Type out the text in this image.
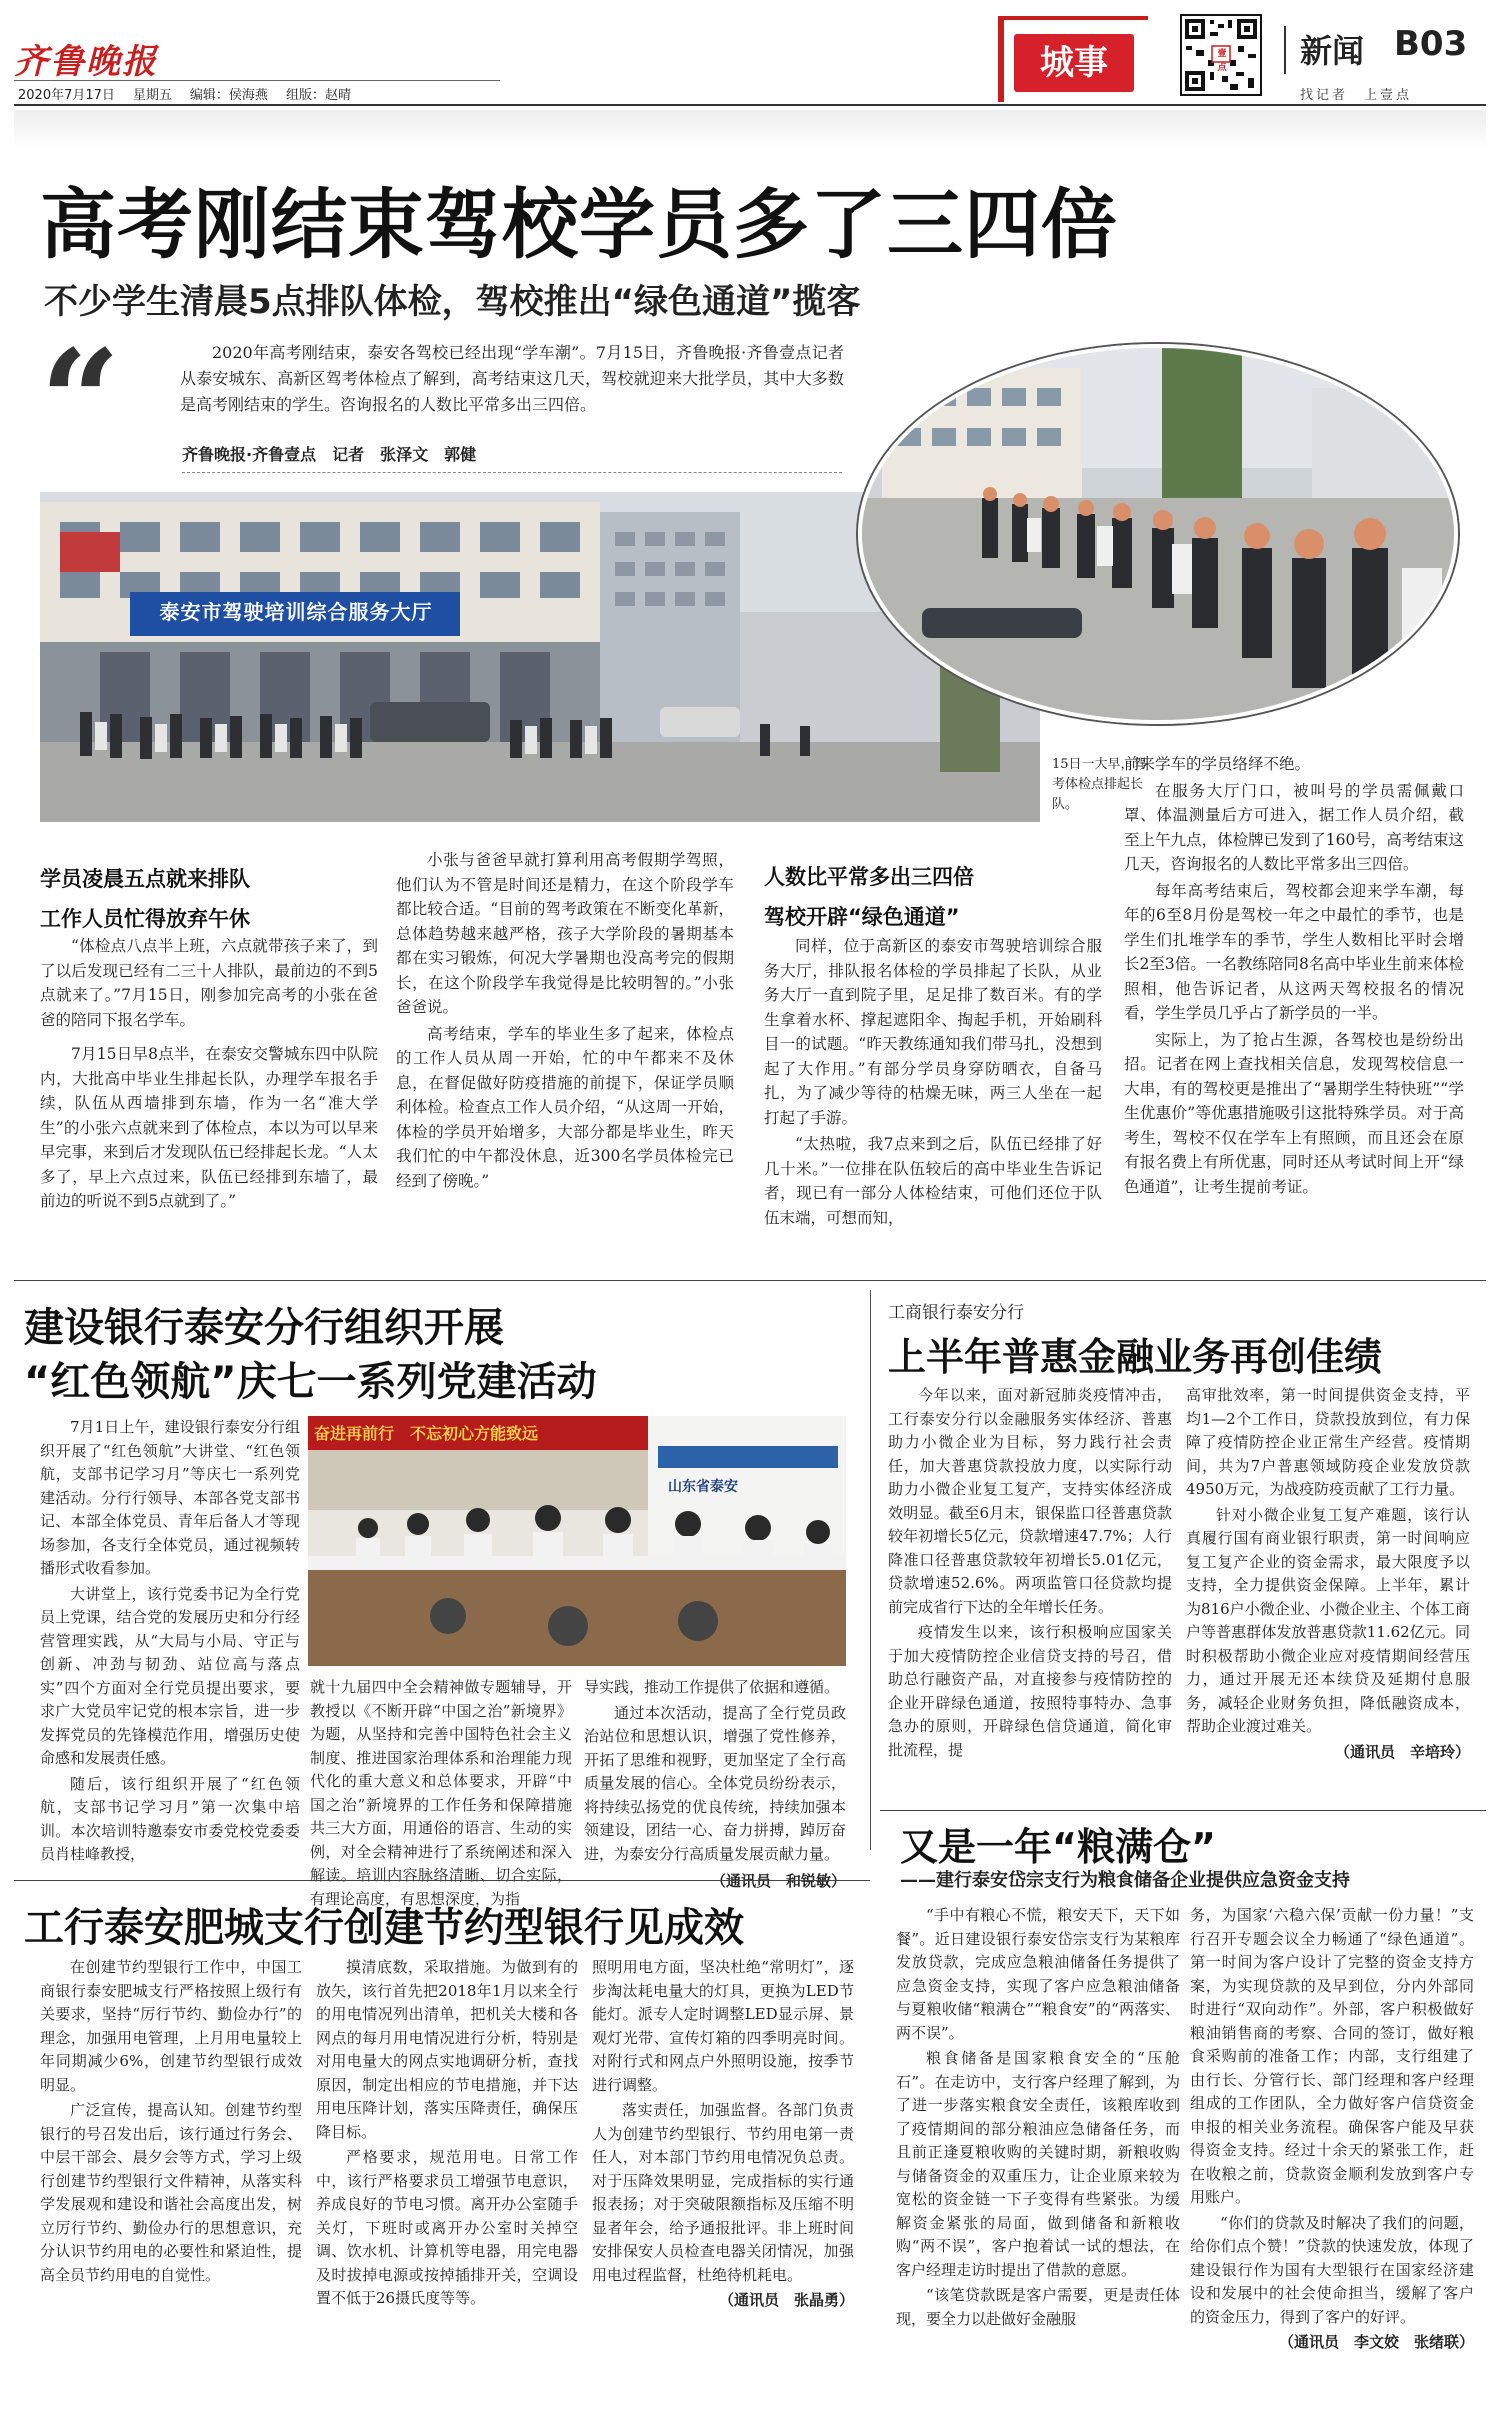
齐鲁晚报
2020年7月17日 星期五 编辑：侯海燕 组版：赵晴
城事	壹点 新闻 B03
找记者　上壹点
高考刚结束驾校学员多了三四倍
不少学生清晨5点排队体检，驾校推出“绿色通道”揽客
“	2020年高考刚结束，泰安各驾校已经出现“学车潮”。7月15日，齐鲁晚报·齐鲁壹点记者从泰安城东、高新区驾考体检点了解到，高考结束这几天，驾校就迎来大批学员，其中大多数是高考刚结束的学生。咨询报名的人数比平常多出三四倍。
齐鲁晚报·齐鲁壹点　记者　张泽文　郭健
泰安市驾驶培训综合服务大厅
15日一大早，驾考体检点排起长队。
学员凌晨五点就来排队
工作人员忙得放弃午休

“体检点八点半上班，六点就带孩子来了，到了以后发现已经有二三十人排队，最前边的不到5点就来了。”7月15日，刚参加完高考的小张在爸爸的陪同下报名学车。

7月15日早8点半，在泰安交警城东四中队院内，大批高中毕业生排起长队，办理学车报名手续，队伍从西墙排到东墙，作为一名“准大学生”的小张六点就来到了体检点，本以为可以早来早完事，来到后才发现队伍已经排起长龙。“人太多了，早上六点过来，队伍已经排到东墙了，最前边的听说不到5点就到了。”

小张与爸爸早就打算利用高考假期学驾照，他们认为不管是时间还是精力，在这个阶段学车都比较合适。“目前的驾考政策在不断变化革新，总体趋势越来越严格，孩子大学阶段的暑期基本都在实习锻炼，何况大学暑期也没高考完的假期长，在这个阶段学车我觉得是比较明智的。”小张爸爸说。

高考结束，学车的毕业生多了起来，体检点的工作人员从周一开始，忙的中午都来不及休息，在督促做好防疫措施的前提下，保证学员顺利体检。检查点工作人员介绍，“从这周一开始，体检的学员开始增多，大部分都是毕业生，昨天我们忙的中午都没休息，近300名学员体检完已经到了傍晚。”

人数比平常多出三四倍
驾校开辟“绿色通道”

同样，位于高新区的泰安市驾驶培训综合服务大厅，排队报名体检的学员排起了长队，从业务大厅一直到院子里，足足排了数百米。有的学生拿着水杯、撑起遮阳伞、掏起手机，开始刷科目一的试题。“昨天教练通知我们带马扎，没想到起了大作用。”有部分学员身穿防晒衣，自备马扎，为了减少等待的枯燥无味，两三人坐在一起打起了手游。

“太热啦，我7点来到之后，队伍已经排了好几十米。”一位排在队伍较后的高中毕业生告诉记者，现已有一部分人体检结束，可他们还位于队伍末端，可想而知，

前来学车的学员络绎不绝。

在服务大厅门口，被叫号的学员需佩戴口罩、体温测量后方可进入，据工作人员介绍，截至上午九点，体检牌已发到了160号，高考结束这几天，咨询报名的人数比平常多出三四倍。

每年高考结束后，驾校都会迎来学车潮，每年的6至8月份是驾校一年之中最忙的季节，也是学生们扎堆学车的季节，学生人数相比平时会增长2至3倍。一名教练陪同8名高中毕业生前来体检照相，他告诉记者，从这两天驾校报名的情况看，学生学员几乎占了新学员的一半。

实际上，为了抢占生源，各驾校也是纷纷出招。记者在网上查找相关信息，发现驾校信息一大串，有的驾校更是推出了“暑期学生特快班”“学生优惠价”等优惠措施吸引这批特殊学员。对于高考生，驾校不仅在学车上有照顾，而且还会在原有报名费上有所优惠，同时还从考试时间上开“绿色通道”，让考生提前考证。

建设银行泰安分行组织开展
“红色领航”庆七一系列党建活动

7月1日上午，建设银行泰安分行组织开展了“红色领航”大讲堂、“红色领航，支部书记学习月”等庆七一系列党建活动。分行行领导、本部各党支部书记、本部全体党员、青年后备人才等现场参加，各支行全体党员，通过视频转播形式收看参加。

大讲堂上，该行党委书记为全行党员上党课，结合党的发展历史和分行经营管理实践，从“大局与小局、守正与创新、冲劲与韧劲、站位高与落点实”四个方面对全行党员提出要求，要求广大党员牢记党的根本宗旨，进一步发挥党员的先锋模范作用，增强历史使命感和发展责任感。

随后，该行组织开展了“红色领航，支部书记学习月”第一次集中培训。本次培训特邀泰安市委党校党委委员肖桂峰教授，

奋进再前行　不忘初心方能致远
山东省泰安

就十九届四中全会精神做专题辅导，开教授以《不断开辟“中国之治”新境界》为题，从坚持和完善中国特色社会主义制度、推进国家治理体系和治理能力现代化的重大意义和总体要求，开辟“中国之治”新境界的工作任务和保障措施共三大方面，用通俗的语言、生动的实例，对全会精神进行了系统阐述和深入解读。培训内容脉络清晰、切合实际，有理论高度，有思想深度，为指

导实践，推动工作提供了依据和遵循。

通过本次活动，提高了全行党员政治站位和思想认识，增强了党性修养，开拓了思维和视野，更加坚定了全行高质量发展的信心。全体党员纷纷表示，将持续弘扬党的优良传统，持续加强本领建设，团结一心、奋力拼搏，踔厉奋进，为泰安分行高质量发展贡献力量。

（通讯员　和锐敏）
工商银行泰安分行
上半年普惠金融业务再创佳绩

今年以来，面对新冠肺炎疫情冲击，工行泰安分行以金融服务实体经济、普惠助力小微企业为目标，努力践行社会责任，加大普惠贷款投放力度，以实际行动助力小微企业复工复产，支持实体经济成效明显。截至6月末，银保监口径普惠贷款较年初增长5亿元，贷款增速47.7%；人行降准口径普惠贷款较年初增长5.01亿元，贷款增速52.6%。两项监管口径贷款均提前完成省行下达的全年增长任务。

疫情发生以来，该行积极响应国家关于加大疫情防控企业信贷支持的号召，借助总行融资产品，对直接参与疫情防控的企业开辟绿色通道，按照特事特办、急事急办的原则，开辟绿色信贷通道，简化审批流程，提

高审批效率，第一时间提供资金支持，平均1—2个工作日，贷款投放到位，有力保障了疫情防控企业正常生产经营。疫情期间，共为7户普惠领域防疫企业发放贷款4950万元，为战疫防疫贡献了工行力量。

针对小微企业复工复产难题，该行认真履行国有商业银行职责，第一时间响应复工复产企业的资金需求，最大限度予以支持，全力提供资金保障。上半年，累计为816户小微企业、小微企业主、个体工商户等普惠群体发放普惠贷款11.62亿元。同时积极帮助小微企业应对疫情期间经营压力，通过开展无还本续贷及延期付息服务，减轻企业财务负担，降低融资成本，帮助企业渡过难关。

（通讯员　辛培玲）
工行泰安肥城支行创建节约型银行见成效

在创建节约型银行工作中，中国工商银行泰安肥城支行严格按照上级行有关要求，坚持“厉行节约、勤俭办行”的理念，加强用电管理，上月用电量较上年同期减少6%，创建节约型银行成效明显。

广泛宣传，提高认知。创建节约型银行的号召发出后，该行通过行务会、中层干部会、晨夕会等方式，学习上级行创建节约型银行文件精神，从落实科学发展观和建设和谐社会高度出发，树立厉行节约、勤俭办行的思想意识，充分认识节约用电的必要性和紧迫性，提高全员节约用电的自觉性。

摸清底数，采取措施。为做到有的放矢，该行首先把2018年1月以来全行的用电情况列出清单，把机关大楼和各网点的每月用电情况进行分析，特别是对用电量大的网点实地调研分析，查找原因，制定出相应的节电措施，并下达用电压降计划，落实压降责任，确保压降目标。

严格要求，规范用电。日常工作中，该行严格要求员工增强节电意识，养成良好的节电习惯。离开办公室随手关灯，下班时或离开办公室时关掉空调、饮水机、计算机等电器，用完电器及时拔掉电源或按掉插排开关，空调设置不低于26摄氏度等等。

照明用电方面，坚决杜绝“常明灯”，逐步淘汰耗电量大的灯具，更换为LED节能灯。派专人定时调整LED显示屏、景观灯光带、宣传灯箱的四季明亮时间。对附行式和网点户外照明设施，按季节进行调整。

落实责任，加强监督。各部门负责人为创建节约型银行、节约用电第一责任人，对本部门节约用电情况负总责。对于压降效果明显，完成指标的实行通报表扬；对于突破限额指标及压缩不明显者年会，给予通报批评。非上班时间安排保安人员检查电器关闭情况，加强用电过程监督，杜绝待机耗电。

（通讯员　张晶勇）
又是一年“粮满仓”
——建行泰安岱宗支行为粮食储备企业提供应急资金支持

“手中有粮心不慌，粮安天下，天下如餐”。近日建设银行泰安岱宗支行为某粮库发放贷款，完成应急粮油储备任务提供了应急资金支持，实现了客户应急粮油储备与夏粮收储“粮满仓”“粮食安”的“两落实、两不误”。

粮食储备是国家粮食安全的“压舱石”。在走访中，支行客户经理了解到，为了进一步落实粮食安全责任，该粮库收到了疫情期间的部分粮油应急储备任务，而且前正逢夏粮收购的关键时期，新粮收购与储备资金的双重压力，让企业原来较为宽松的资金链一下子变得有些紧张。为缓解资金紧张的局面，做到储备和新粮收购“两不误”，客户抱着试一试的想法，在客户经理走访时提出了借款的意愿。

“该笔贷款既是客户需要，更是责任体现，要全力以赴做好金融服

务，为国家‘六稳六保’贡献一份力量！”支行召开专题会议全力畅通了“绿色通道”。第一时间为客户设计了完整的资金支持方案，为实现贷款的及早到位，分内外部同时进行“双向动作”。外部，客户积极做好粮油销售商的考察、合同的签订，做好粮食采购前的准备工作；内部，支行组建了由行长、分管行长、部门经理和客户经理组成的工作团队，全力做好客户信贷资金申报的相关业务流程。确保客户能及早获得资金支持。经过十余天的紧张工作，赶在收粮之前，贷款资金顺利发放到客户专用账户。

“你们的贷款及时解决了我们的问题，给你们点个赞！”贷款的快速发放，体现了建设银行作为国有大型银行在国家经济建设和发展中的社会使命担当，缓解了客户的资金压力，得到了客户的好评。

（通讯员　李文姣　张绪联）
